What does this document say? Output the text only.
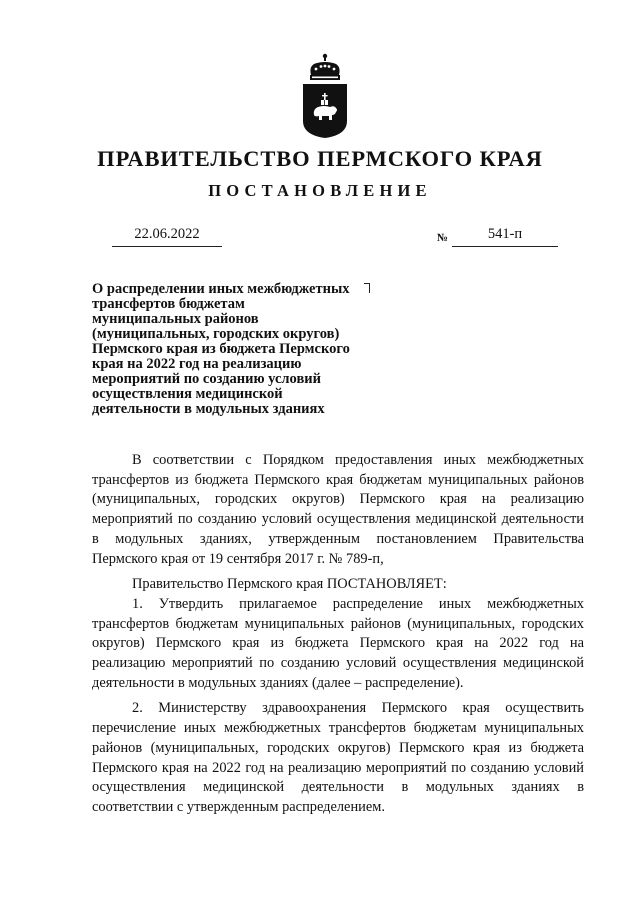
ПРАВИТЕЛЬСТВО ПЕРМСКОГО КРАЯ
ПОСТАНОВЛЕНИЕ
22.06.2022	№	541-п
О распределении иных межбюджетных
трансфертов бюджетам
муниципальных районов
(муниципальных, городских округов)
Пермского края из бюджета Пермского
края на 2022 год на реализацию
мероприятий по созданию условий
осуществления медицинской
деятельности в модульных зданиях

В соответствии с Порядком предоставления иных межбюджетных трансфертов из бюджета Пермского края бюджетам муниципальных районов (муниципальных, городских округов) Пермского края на реализацию мероприятий по созданию условий осуществления медицинской деятельности в модульных зданиях, утвержденным постановлением Правительства Пермского края от 19 сентября 2017 г. № 789-п,

Правительство Пермского края ПОСТАНОВЛЯЕТ:

1. Утвердить прилагаемое распределение иных межбюджетных трансфертов бюджетам муниципальных районов (муниципальных, городских округов) Пермского края из бюджета Пермского края на 2022 год на реализацию мероприятий по созданию условий осуществления медицинской деятельности в модульных зданиях (далее – распределение).

2. Министерству здравоохранения Пермского края осуществить перечисление иных межбюджетных трансфертов бюджетам муниципальных районов (муниципальных, городских округов) Пермского края из бюджета Пермского края на 2022 год на реализацию мероприятий по созданию условий осуществления медицинской деятельности в модульных зданиях в соответствии с утвержденным распределением.
